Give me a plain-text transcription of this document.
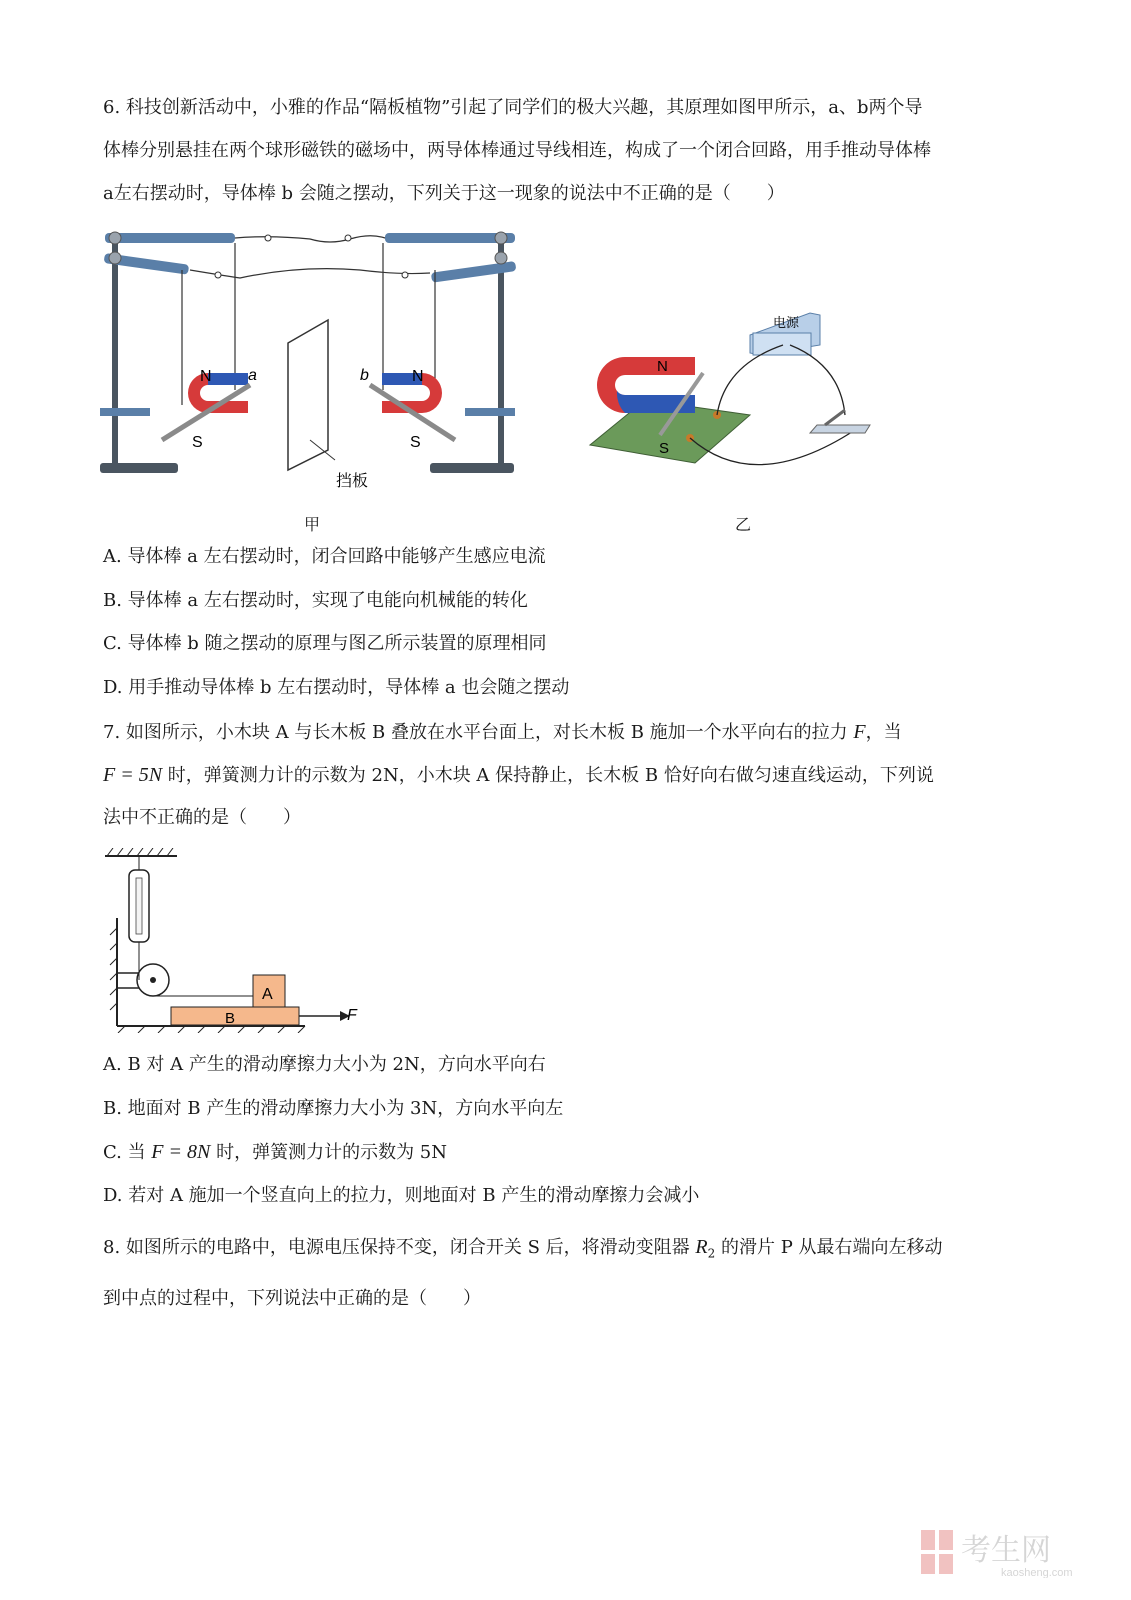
6. 科技创新活动中，小雅的作品“隔板植物”引起了同学们的极大兴趣，其原理如图甲所示，a、b两个导
体棒分别悬挂在两个球形磁铁的磁场中，两导体棒通过导线相连，构成了一个闭合回路，用手推动导体棒
a左右摆动时，导体棒 b 会随之摆动，下列关于这一现象的说法中不正确的是（　　）
N
S
a	b	N
S
挡板
甲
电源
N
S
乙
A. 导体棒 a 左右摆动时，闭合回路中能够产生感应电流
B. 导体棒 a 左右摆动时，实现了电能向机械能的转化
C. 导体棒 b 随之摆动的原理与图乙所示装置的原理相同
D. 用手推动导体棒 b 左右摆动时，导体棒 a 也会随之摆动
7. 如图所示，小木块 A 与长木板 B 叠放在水平台面上，对长木板 B 施加一个水平向右的拉力 F，当
F = 5N 时，弹簧测力计的示数为 2N，小木块 A 保持静止，长木板 B 恰好向右做匀速直线运动，下列说
法中不正确的是（　　）
A
B	F
A. B 对 A 产生的滑动摩擦力大小为 2N，方向水平向右
B. 地面对 B 产生的滑动摩擦力大小为 3N，方向水平向左
C. 当 F = 8N 时，弹簧测力计的示数为 5N
D. 若对 A 施加一个竖直向上的拉力，则地面对 B 产生的滑动摩擦力会减小
8. 如图所示的电路中，电源电压保持不变，闭合开关 S 后，将滑动变阻器 $R_2$ 的滑片 P 从最右端向左移动
到中点的过程中，下列说法中正确的是（　　）
考生网
kaosheng.com
